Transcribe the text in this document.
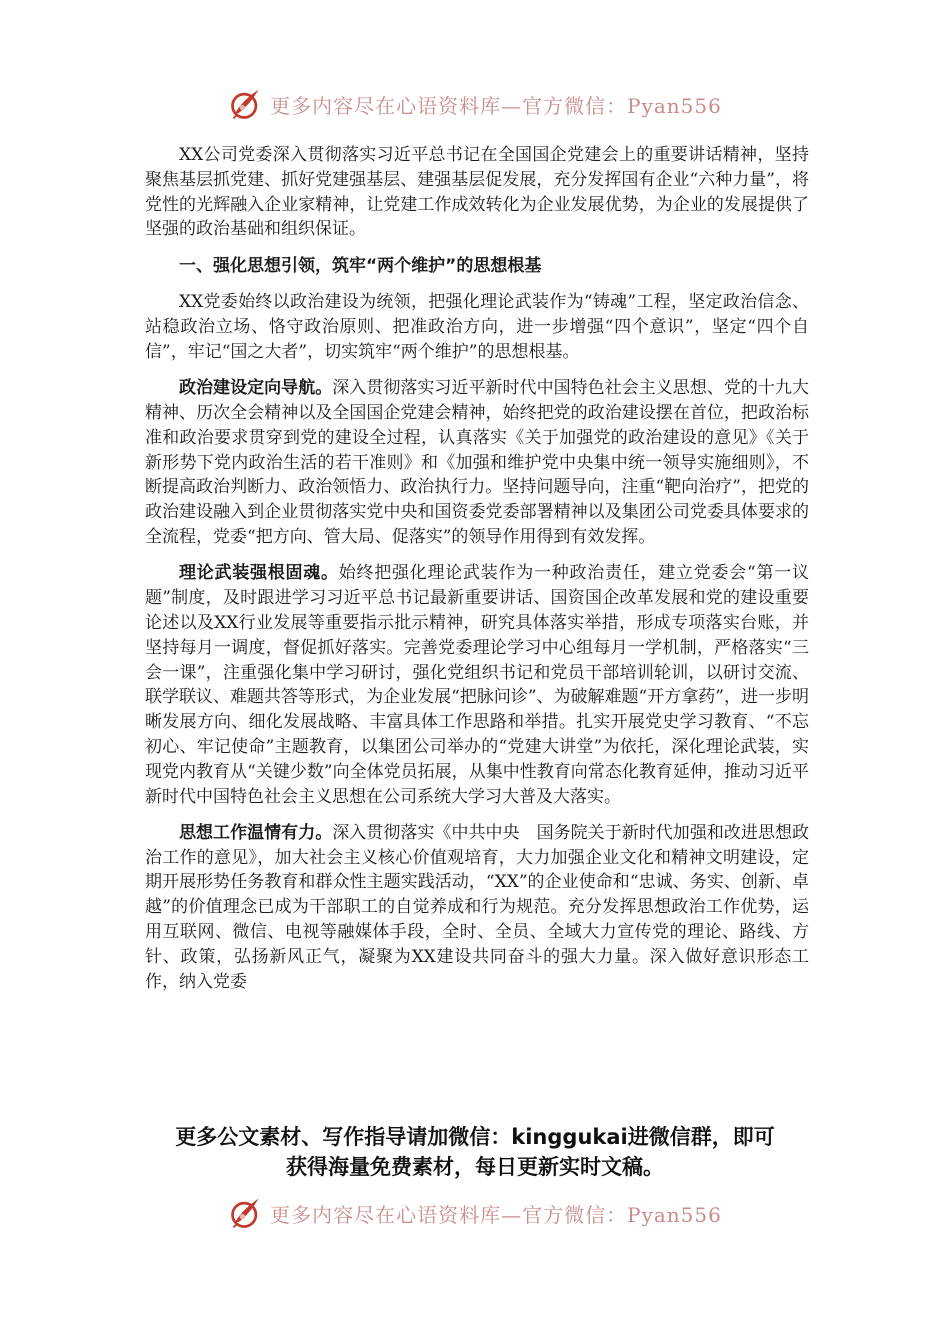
更多内容尽在心语资料库—官方微信：Pyan556

XX公司党委深入贯彻落实习近平总书记在全国国企党建会上的重要讲话精神，坚持聚焦基层抓党建、抓好党建强基层、建强基层促发展，充分发挥国有企业“六种力量”，将党性的光辉融入企业家精神，让党建工作成效转化为企业发展优势，为企业的发展提供了坚强的政治基础和组织保证。

一、强化思想引领，筑牢“两个维护”的思想根基

XX党委始终以政治建设为统领，把强化理论武装作为“铸魂”工程，坚定政治信念、站稳政治立场、恪守政治原则、把准政治方向，进一步增强“四个意识”，坚定“四个自信”，牢记“国之大者”，切实筑牢“两个维护”的思想根基。

政治建设定向导航。深入贯彻落实习近平新时代中国特色社会主义思想、党的十九大精神、历次全会精神以及全国国企党建会精神，始终把党的政治建设摆在首位，把政治标准和政治要求贯穿到党的建设全过程，认真落实《关于加强党的政治建设的意见》《关于新形势下党内政治生活的若干准则》和《加强和维护党中央集中统一领导实施细则》，不断提高政治判断力、政治领悟力、政治执行力。坚持问题导向，注重“靶向治疗”，把党的政治建设融入到企业贯彻落实党中央和国资委党委部署精神以及集团公司党委具体要求的全流程，党委“把方向、管大局、促落实”的领导作用得到有效发挥。

理论武装强根固魂。始终把强化理论武装作为一种政治责任，建立党委会“第一议题”制度，及时跟进学习习近平总书记最新重要讲话、国资国企改革发展和党的建设重要论述以及XX行业发展等重要指示批示精神，研究具体落实举措，形成专项落实台账，并坚持每月一调度，督促抓好落实。完善党委理论学习中心组每月一学机制，严格落实“三会一课”，注重强化集中学习研讨，强化党组织书记和党员干部培训轮训，以研讨交流、联学联议、难题共答等形式，为企业发展“把脉问诊”、为破解难题“开方拿药”，进一步明晰发展方向、细化发展战略、丰富具体工作思路和举措。扎实开展党史学习教育、“不忘初心、牢记使命”主题教育，以集团公司举办的“党建大讲堂”为依托，深化理论武装，实现党内教育从“关键少数”向全体党员拓展，从集中性教育向常态化教育延伸，推动习近平新时代中国特色社会主义思想在公司系统大学习大普及大落实。

思想工作温情有力。深入贯彻落实《中共中央　国务院关于新时代加强和改进思想政治工作的意见》，加大社会主义核心价值观培育，大力加强企业文化和精神文明建设，定期开展形势任务教育和群众性主题实践活动，“XX”的企业使命和“忠诚、务实、创新、卓越”的价值理念已成为干部职工的自觉养成和行为规范。充分发挥思想政治工作优势，运用互联网、微信、电视等融媒体手段，全时、全员、全域大力宣传党的理论、路线、方针、政策，弘扬新风正气，凝聚为XX建设共同奋斗的强大力量。深入做好意识形态工作，纳入党委

更多公文素材、写作指导请加微信：kinggukai进微信群，即可
获得海量免费素材，每日更新实时文稿。
更多内容尽在心语资料库—官方微信：Pyan556
